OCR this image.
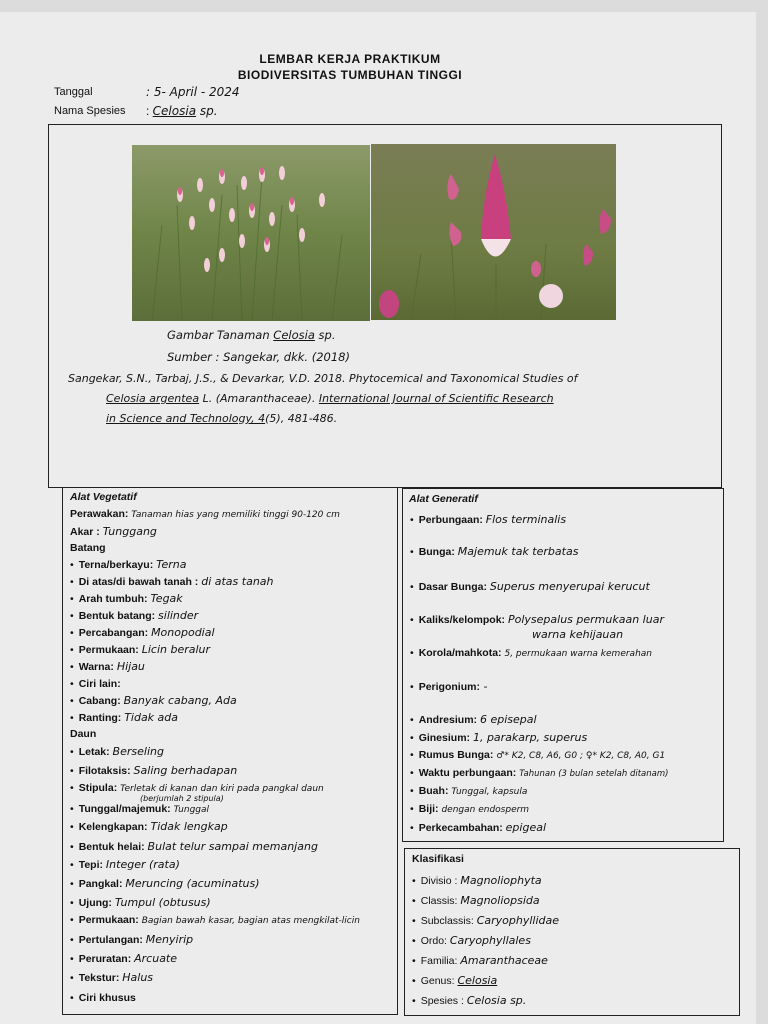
LEMBAR KERJA PRAKTIKUM
BIODIVERSITAS TUMBUHAN TINGGI
Tanggal	: 5- April - 2024
Nama Spesies : Celosia sp.
Gambar Tanaman Celosia sp.
Sumber : Sangekar, dkk. (2018)
Sangekar, S.N., Tarbaj, J.S., & Devarkar, V.D. 2018. Phytocemical and Taxonomical Studies of
Celosia argentea L. (Amaranthaceae). International Journal of Scientific Research
in Science and Technology, 4(5), 481-486.
Alat Vegetatif
Perawakan: Tanaman hias yang memiliki tinggi 90-120 cm
Akar : Tunggang
Batang
• Terna/berkayu: Terna
• Di atas/di bawah tanah : di atas tanah
• Arah tumbuh: Tegak
• Bentuk batang: silinder
• Percabangan: Monopodial
• Permukaan: Licin beralur
• Warna: Hijau
• Ciri lain:
• Cabang: Banyak cabang, Ada
• Ranting: Tidak ada
Daun
• Letak: Berseling
• Filotaksis: Saling berhadapan
• Stipula: Terletak di kanan dan kiri pada pangkal daun
(berjumlah 2 stipula)
• Tunggal/majemuk: Tunggal
• Kelengkapan: Tidak lengkap
• Bentuk helai: Bulat telur sampai memanjang
• Tepi: Integer (rata)
• Pangkal: Meruncing (acuminatus)
• Ujung: Tumpul (obtusus)
• Permukaan: Bagian bawah kasar, bagian atas mengkilat-licin
• Pertulangan: Menyirip
• Peruratan: Arcuate
• Tekstur: Halus
• Ciri khusus
Alat Generatif
• Perbungaan: Flos terminalis
• Bunga: Majemuk tak terbatas
• Dasar Bunga: Superus menyerupai kerucut
• Kaliks/kelompok: Polysepalus permukaan luar
warna kehijauan
• Korola/mahkota: 5, permukaan warna kemerahan
• Perigonium: -
• Andresium: 6 episepal
• Ginesium: 1, parakarp, superus
• Rumus Bunga: ♂* K2, C8, A6, G0 ; ♀* K2, C8, A0, G1
• Waktu perbungaan: Tahunan (3 bulan setelah ditanam)
• Buah: Tunggal, kapsula
• Biji: dengan endosperm
• Perkecambahan: epigeal
Klasifikasi
• Divisio : Magnoliophyta
• Classis: Magnoliopsida
• Subclassis: Caryophyllidae
• Ordo: Caryophyllales
• Familia: Amaranthaceae
• Genus: Celosia
• Spesies : Celosia sp.
